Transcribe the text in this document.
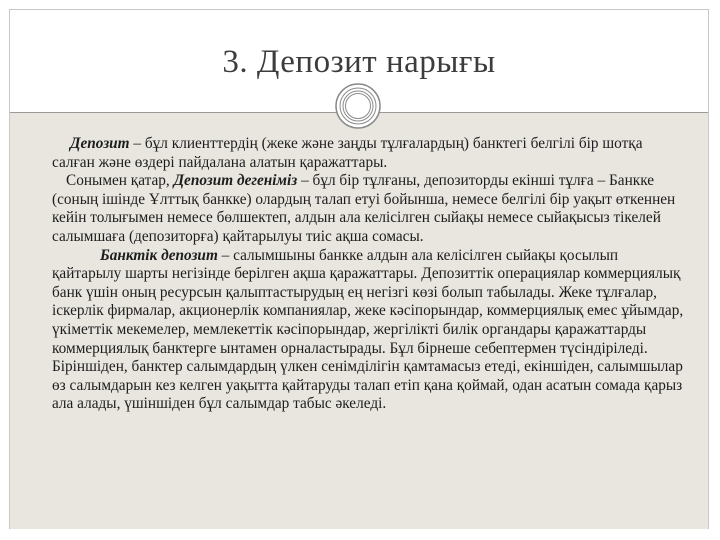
3. Депозит нарығы

Депозит – бұл клиенттердің (жеке және заңды тұлғалардың) банктегі белгілі бір шотқа салған және өздері пайдалана алатын қаражаттары.

Сонымен қатар, Депозит дегеніміз – бұл бір тұлғаны, депозиторды екінші тұлға – Банкке (соның ішінде Ұлттық банкке) олардың талап етуі бойынша, немесе белгілі бір уақыт өткеннен кейін толығымен немесе бөлшектеп, алдын ала келісілген сыйақы немесе сыйақысыз тікелей салымшаға (депозиторға) қайтарылуы тиіс ақша сомасы.

Банктік депозит – салымшыны банкке алдын ала келісілген сыйақы қосылып қайтарылу шарты негізінде берілген ақша қаражаттары. Депозиттік операциялар коммерциялық банк үшін оның ресурсын қалыптастырудың ең негізгі көзі болып табылады. Жеке тұлғалар, іскерлік фирмалар, акционерлік компаниялар, жеке кәсіпорындар, коммерциялық емес ұйымдар, үкіметтік мекемелер, мемлекеттік кәсіпорындар, жергілікті билік органдары қаражаттарды коммерциялық банктерге ынтамен орналастырады. Бұл бірнеше себептермен түсіндіріледі. Біріншіден, банктер салымдардың үлкен сенімділігін қамтамасыз етеді, екіншіден, салымшылар өз салымдарын кез келген уақытта қайтаруды талап етіп қана қоймай, одан асатын сомада қарыз ала алады, үшіншіден бұл салымдар табыс әкеледі.
